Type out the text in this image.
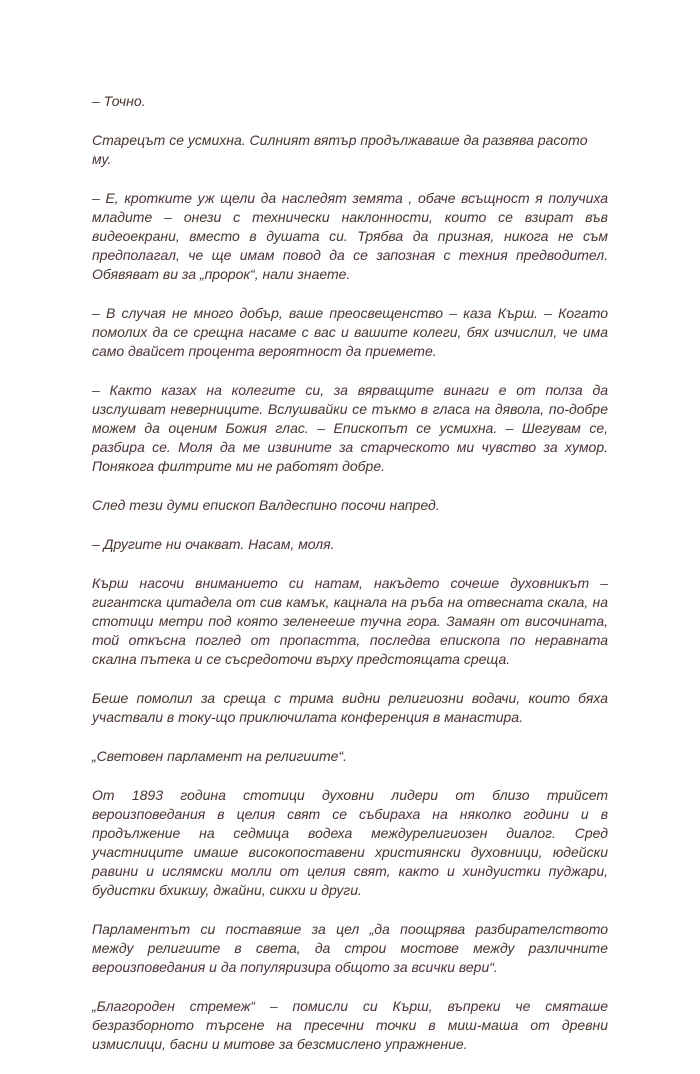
– Точно.

Старецът се усмихна. Силният вятър продължаваше да развява расото му.

– Е, кротките уж щели да наследят земята , обаче всъщност я получиха младите – онези с технически наклонности, които се взират във видеоекрани, вместо в душата си. Трябва да призная, никога не съм предполагал, че ще имам повод да се запозная с техния предводител. Обявяват ви за „пророк“, нали знаете.

– В случая не много добър, ваше преосвещенство – каза Кърш. – Когато помолих да се срещна насаме с вас и вашите колеги, бях изчислил, че има само двайсет процента вероятност да приемете.

– Както казах на колегите си, за вярващите винаги е от полза да изслушват неверниците. Вслушвайки се тъкмо в гласа на дявола, по-добре можем да оценим Божия глас. – Епископът се усмихна. – Шегувам се, разбира се. Моля да ме извините за старческото ми чувство за хумор. Понякога филтрите ми не работят добре.

След тези думи епископ Валдеспино посочи напред.

– Другите ни очакват. Насам, моля.

Кърш насочи вниманието си натам, накъдето сочеше духовникът – гигантска цитадела от сив камък, кацнала на ръба на отвесната скала, на стотици метри под която зеленееше тучна гора. Замаян от височината, той откъсна поглед от пропастта, последва епископа по неравната скална пътека и се съсредоточи върху предстоящата среща.

Беше помолил за среща с трима видни религиозни водачи, които бяха участвали в току-що приключилата конференция в манастира.

„Световен парламент на религиите“.

От 1893 година стотици духовни лидери от близо трийсет вероизповедания в целия свят се събираха на няколко години и в продължение на седмица водеха междурелигиозен диалог. Сред участниците имаше високопоставени християнски духовници, юдейски равини и ислямски молли от целия свят, както и хиндуистки пуджари, будистки бхикшу, джайни, сикхи и други.

Парламентът си поставяше за цел „да поощрява разбирателството между религиите в света, да строи мостове между различните вероизповедания и да популяризира общото за всички вери“.

„Благороден стремеж“ – помисли си Кърш, въпреки че смяташе безразборното търсене на пресечни точки в миш-маша от древни измислици, басни и митове за безсмислено упражнение.
